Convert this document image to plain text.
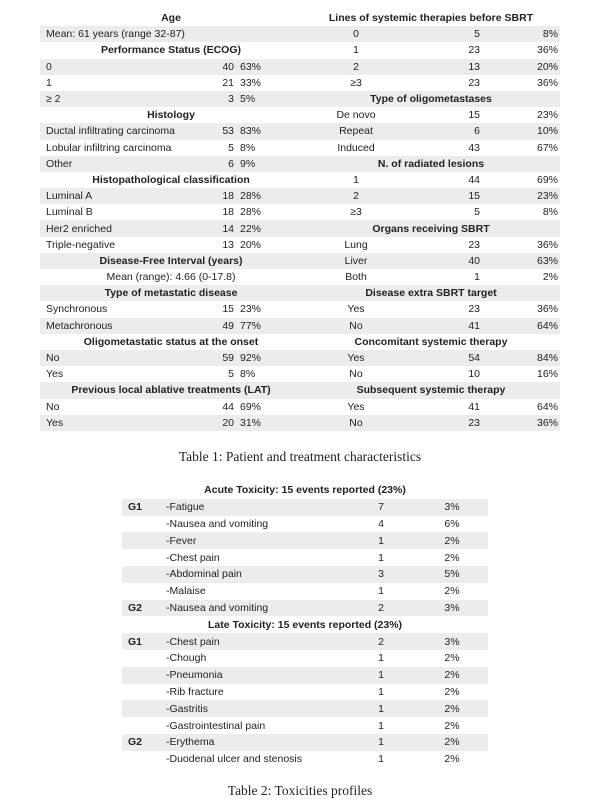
Age
Mean: 61 years (range 32-87)
Performance Status (ECOG)
0	40 63%
1	21 33%
≥ 2	3 5%
Histology
Ductal infiltrating carcinoma	53 83%
Lobular infiltring carcinoma	5 8%
Other	6 9%
Histopathological classification
Luminal A	18 28%
Luminal B	18 28%
Her2 enriched	14 22%
Triple-negative	13 20%
Disease-Free Interval (years)
Mean (range): 4.66 (0-17.8)
Type of metastatic disease
Synchronous	15 23%
Metachronous	49 77%
Oligometastatic status at the onset
No	59 92%
Yes	5 8%
Previous local ablative treatments (LAT)
No	44 69%
Yes	20 31%
Lines of systemic therapies before SBRT
0	5	8%
1	23	36%
2	13	20%
≥3	23	36%
Type of oligometastases
De novo	15	23%
Repeat	6	10%
Induced	43	67%
N. of radiated lesions
1	44	69%
2	15	23%
≥3	5	8%
Organs receiving SBRT
Lung	23	36%
Liver	40	63%
Both	1	2%
Disease extra SBRT target
Yes	23	36%
No	41	64%
Concomitant systemic therapy
Yes	54	84%
No	10	16%
Subsequent systemic therapy
Yes	41	64%
No	23	36%
Table 1: Patient and treatment characteristics
Acute Toxicity: 15 events reported (23%)
G1	-Fatigue	7	3%
-Nausea and vomiting	4	6%
-Fever	1	2%
-Chest pain	1	2%
-Abdominal pain	3	5%
-Malaise	1	2%
G2	-Nausea and vomiting	2	3%
Late Toxicity: 15 events reported (23%)
G1	-Chest pain	2	3%
-Chough	1	2%
-Pneumonia	1	2%
-Rib fracture	1	2%
-Gastritis	1	2%
-Gastrointestinal pain	1	2%
G2	-Erythema	1	2%
-Duodenal ulcer and stenosis	1	2%
Table 2: Toxicities profiles
